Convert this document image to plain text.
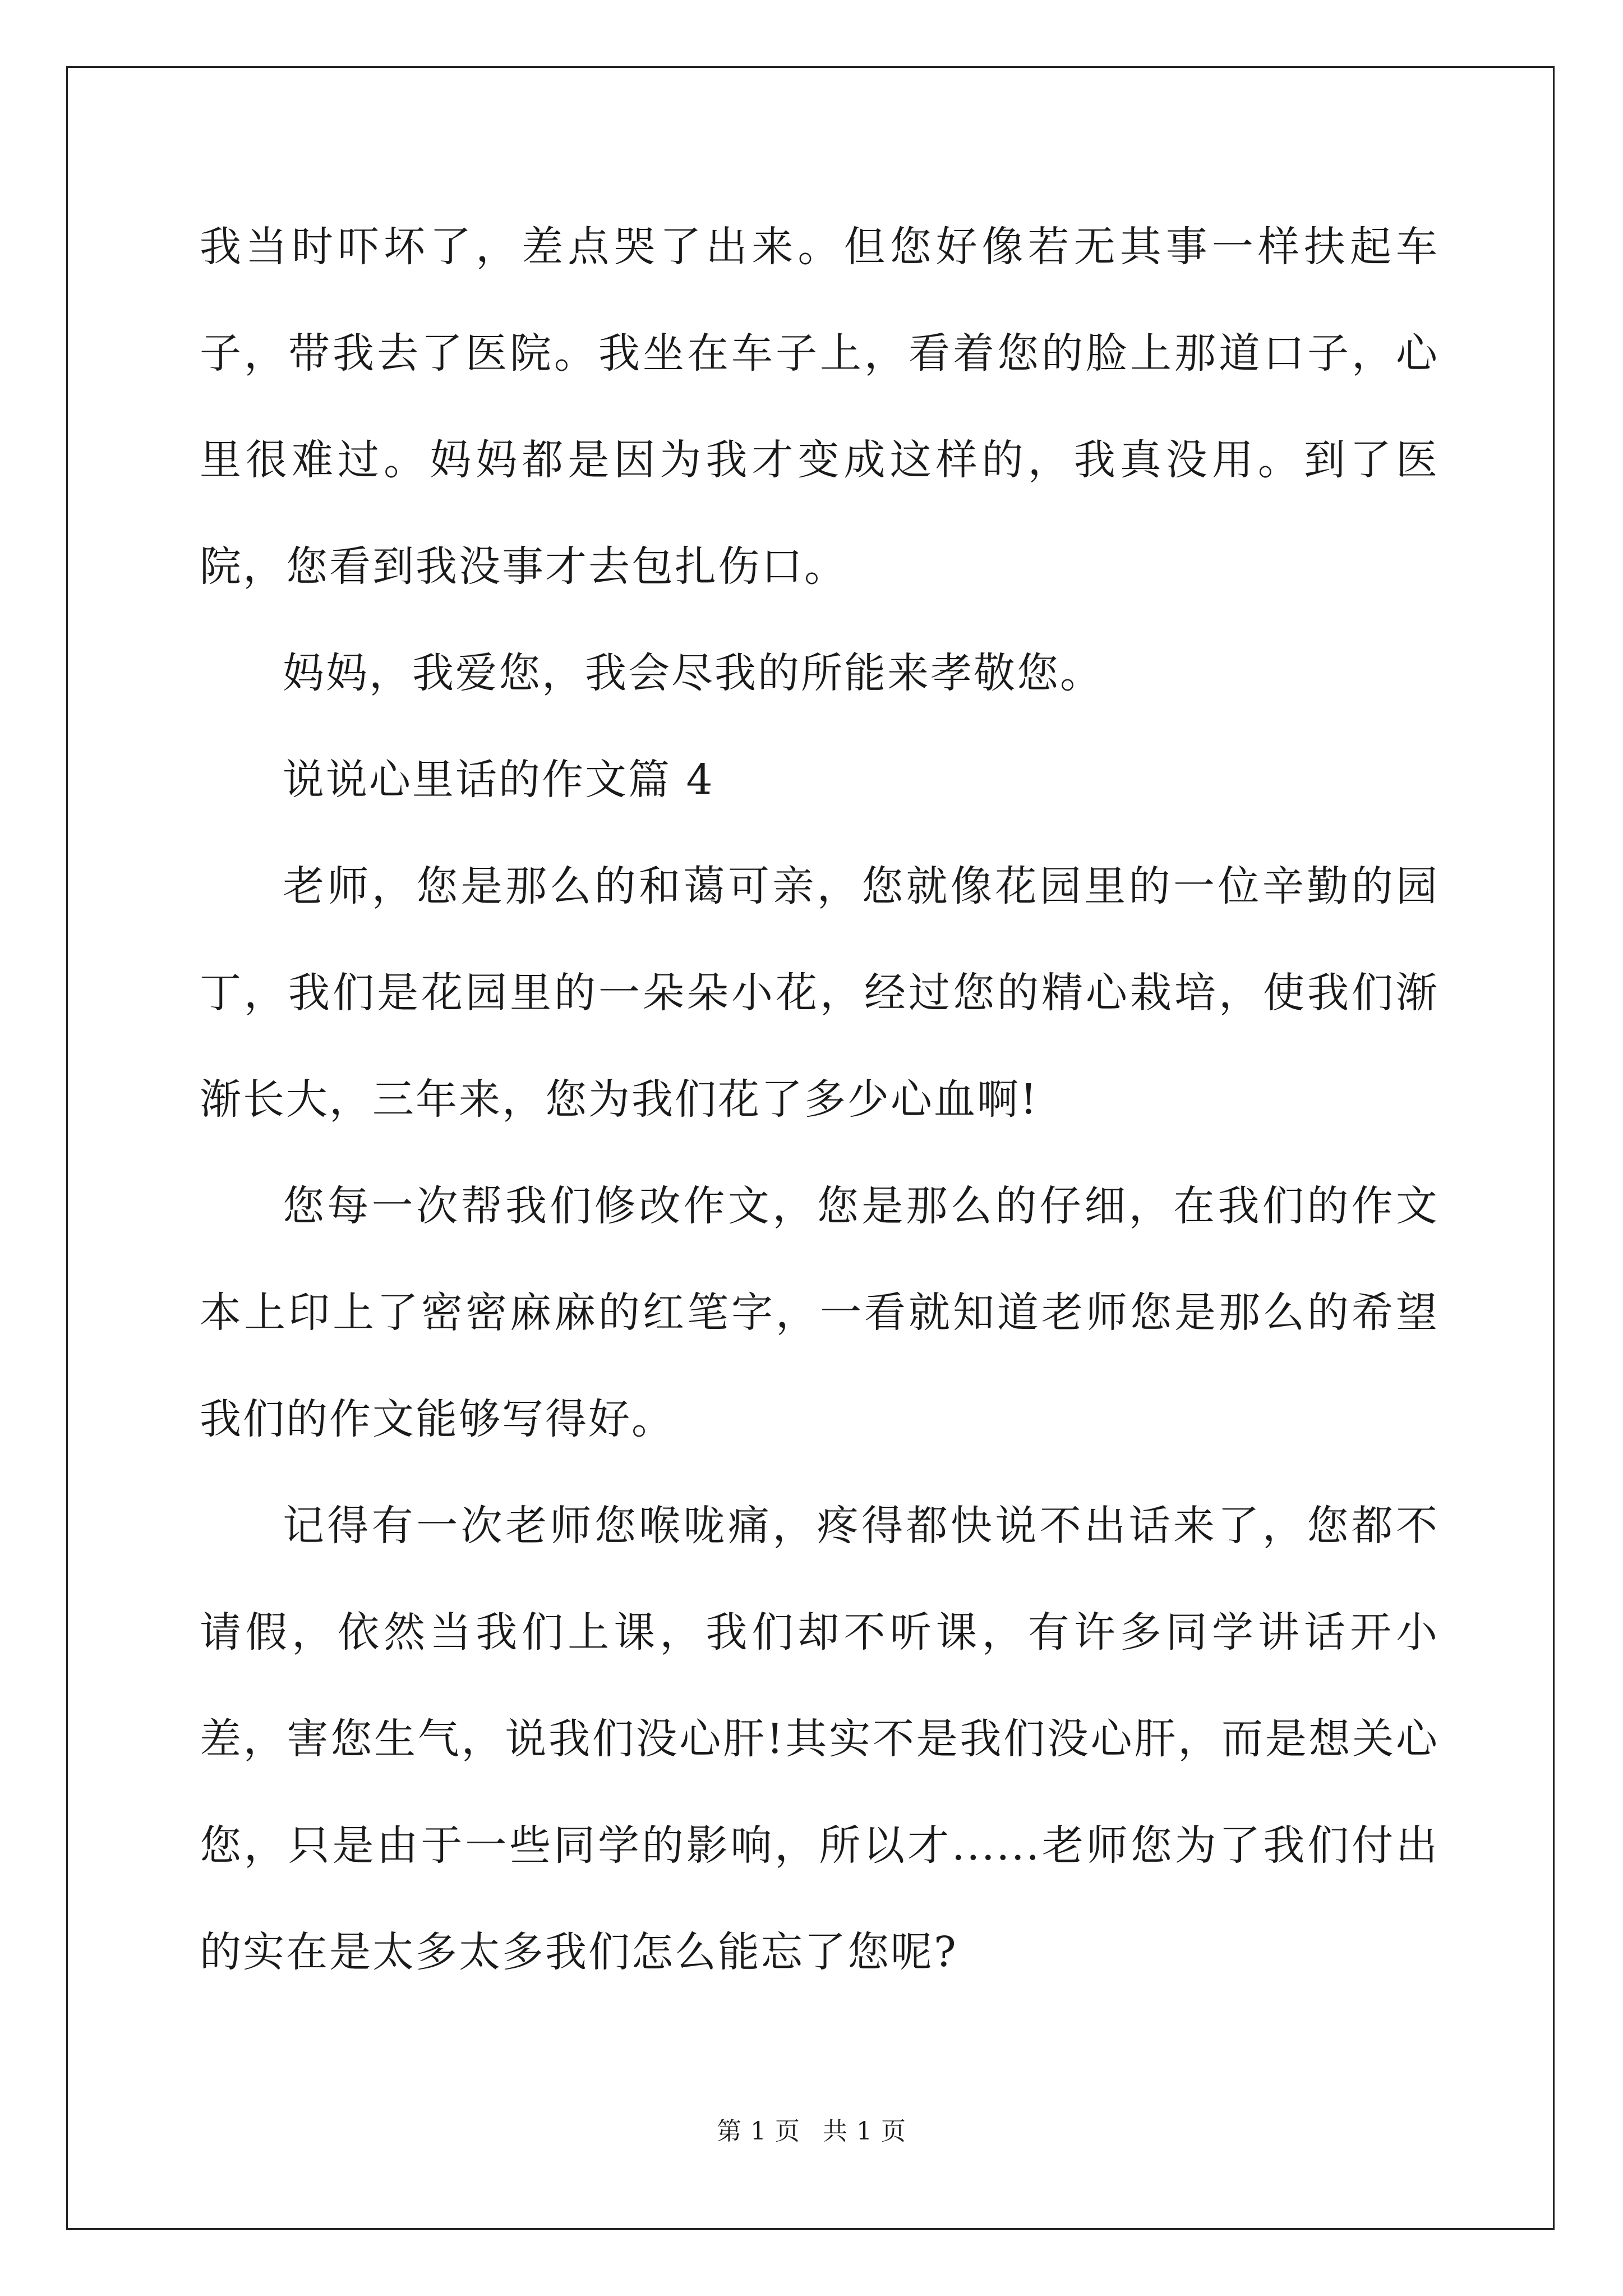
我当时吓坏了，差点哭了出来。但您好像若无其事一样扶起车子，带我去了医院。我坐在车子上，看着您的脸上那道口子，心里很难过。妈妈都是因为我才变成这样的，我真没用。到了医院，您看到我没事才去包扎伤口。

妈妈，我爱您，我会尽我的所能来孝敬您。

说说心里话的作文篇 4

老师，您是那么的和蔼可亲，您就像花园里的一位辛勤的园丁，我们是花园里的一朵朵小花，经过您的精心栽培，使我们渐渐长大，三年来，您为我们花了多少心血啊!

您每一次帮我们修改作文，您是那么的仔细，在我们的作文本上印上了密密麻麻的红笔字，一看就知道老师您是那么的希望我们的作文能够写得好。

记得有一次老师您喉咙痛，疼得都快说不出话来了，您都不请假，依然当我们上课，我们却不听课，有许多同学讲话开小差，害您生气，说我们没心肝!其实不是我们没心肝，而是想关心您，只是由于一些同学的影响，所以才......老师您为了我们付出的实在是太多太多我们怎么能忘了您呢?

第 1 页 共 1 页
